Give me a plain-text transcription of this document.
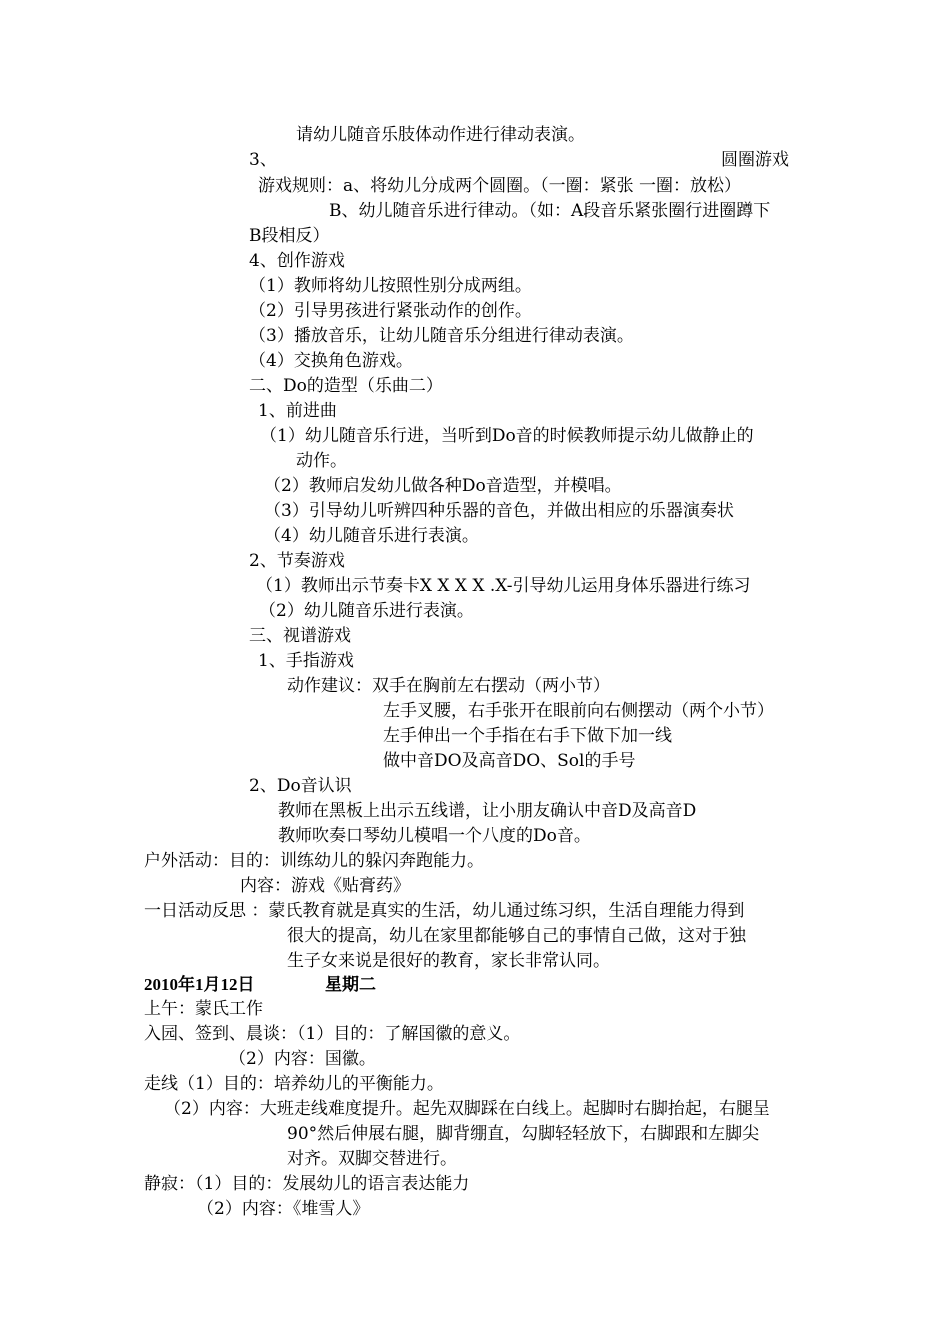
请幼儿随音乐肢体动作进行律动表演。
3、	圆圈游戏
游戏规则：a、将幼儿分成两个圆圈。（一圈：紧张 一圈：放松）
B、幼儿随音乐进行律动。（如：A段音乐紧张圈行进圈蹲下
B段相反）
4、创作游戏
（1）教师将幼儿按照性别分成两组。
（2）引导男孩进行紧张动作的创作。
（3）播放音乐，让幼儿随音乐分组进行律动表演。
（4）交换角色游戏。
二、Do的造型（乐曲二）
1、前进曲
（1）幼儿随音乐行进，当听到Do音的时候教师提示幼儿做静止的
动作。
（2）教师启发幼儿做各种Do音造型，并模唱。
（3）引导幼儿听辨四种乐器的音色，并做出相应的乐器演奏状
（4）幼儿随音乐进行表演。
2、节奏游戏
（1）教师出示节奏卡X X X X .X-引导幼儿运用身体乐器进行练习
（2）幼儿随音乐进行表演。
三、视谱游戏
1、手指游戏
动作建议：双手在胸前左右摆动（两小节）
左手叉腰，右手张开在眼前向右侧摆动（两个小节）
左手伸出一个手指在右手下做下加一线
做中音DO及高音DO、Sol的手号
2、Do音认识
教师在黑板上出示五线谱，让小朋友确认中音D及高音D
教师吹奏口琴幼儿模唱一个八度的Do音。
户外活动：目的：训练幼儿的躲闪奔跑能力。
内容：游戏《贴膏药》
一日活动反思 ：蒙氏教育就是真实的生活，幼儿通过练习织，生活自理能力得到
很大的提高，幼儿在家里都能够自己的事情自己做，这对于独
生子女来说是很好的教育，家长非常认同。
2010年1月12日	星期二
上午：蒙氏工作
入园、签到、晨谈：（1）目的：了解国徽的意义。
（2）内容：国徽。
走线（1）目的：培养幼儿的平衡能力。
（2）内容：大班走线难度提升。起先双脚踩在白线上。起脚时右脚抬起，右腿呈
90°然后伸展右腿，脚背绷直，勾脚轻轻放下，右脚跟和左脚尖
对齐。双脚交替进行。
静寂：（1）目的：发展幼儿的语言表达能力
（2）内容：《堆雪人》
